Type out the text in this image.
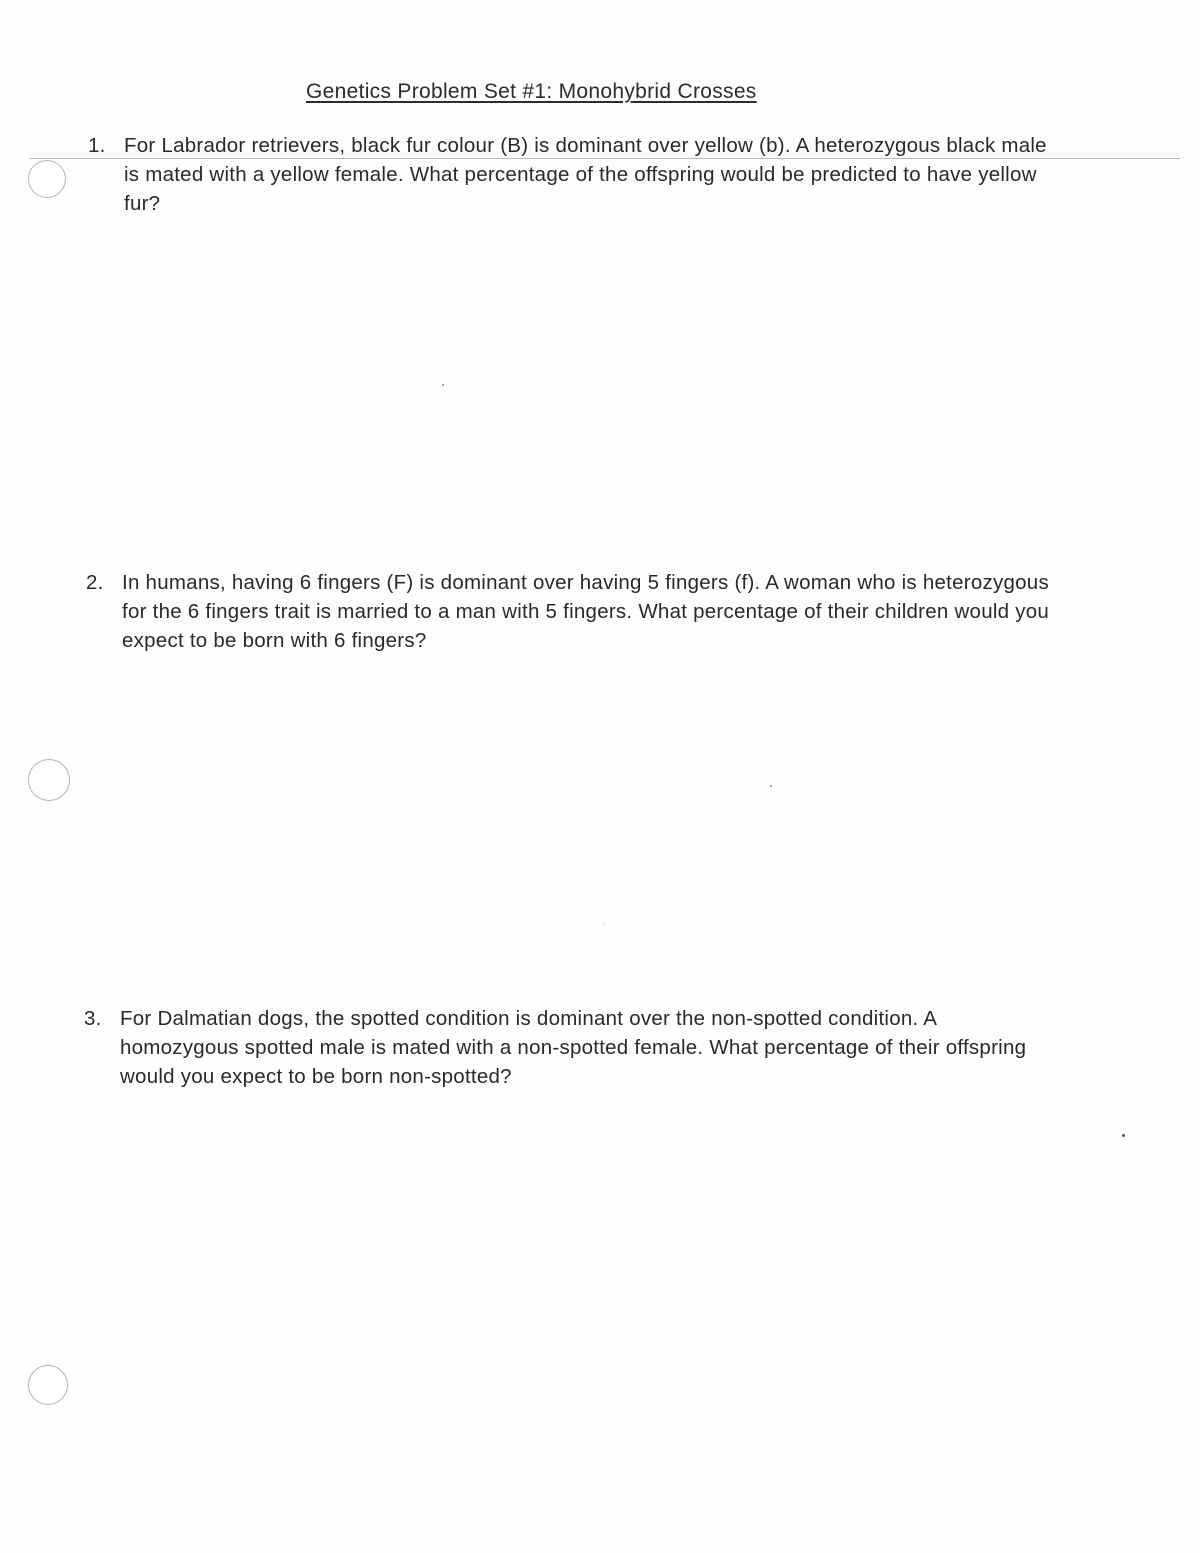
Genetics Problem Set #1: Monohybrid Crosses
1. For Labrador retrievers, black fur colour (B) is dominant over yellow (b). A heterozygous black male is mated with a yellow female. What percentage of the offspring would be predicted to have yellow fur?
2. In humans, having 6 fingers (F) is dominant over having 5 fingers (f). A woman who is heterozygous for the 6 fingers trait is married to a man with 5 fingers. What percentage of their children would you expect to be born with 6 fingers?
3. For Dalmatian dogs, the spotted condition is dominant over the non-spotted condition. A homozygous spotted male is mated with a non-spotted female. What percentage of their offspring would you expect to be born non-spotted?
